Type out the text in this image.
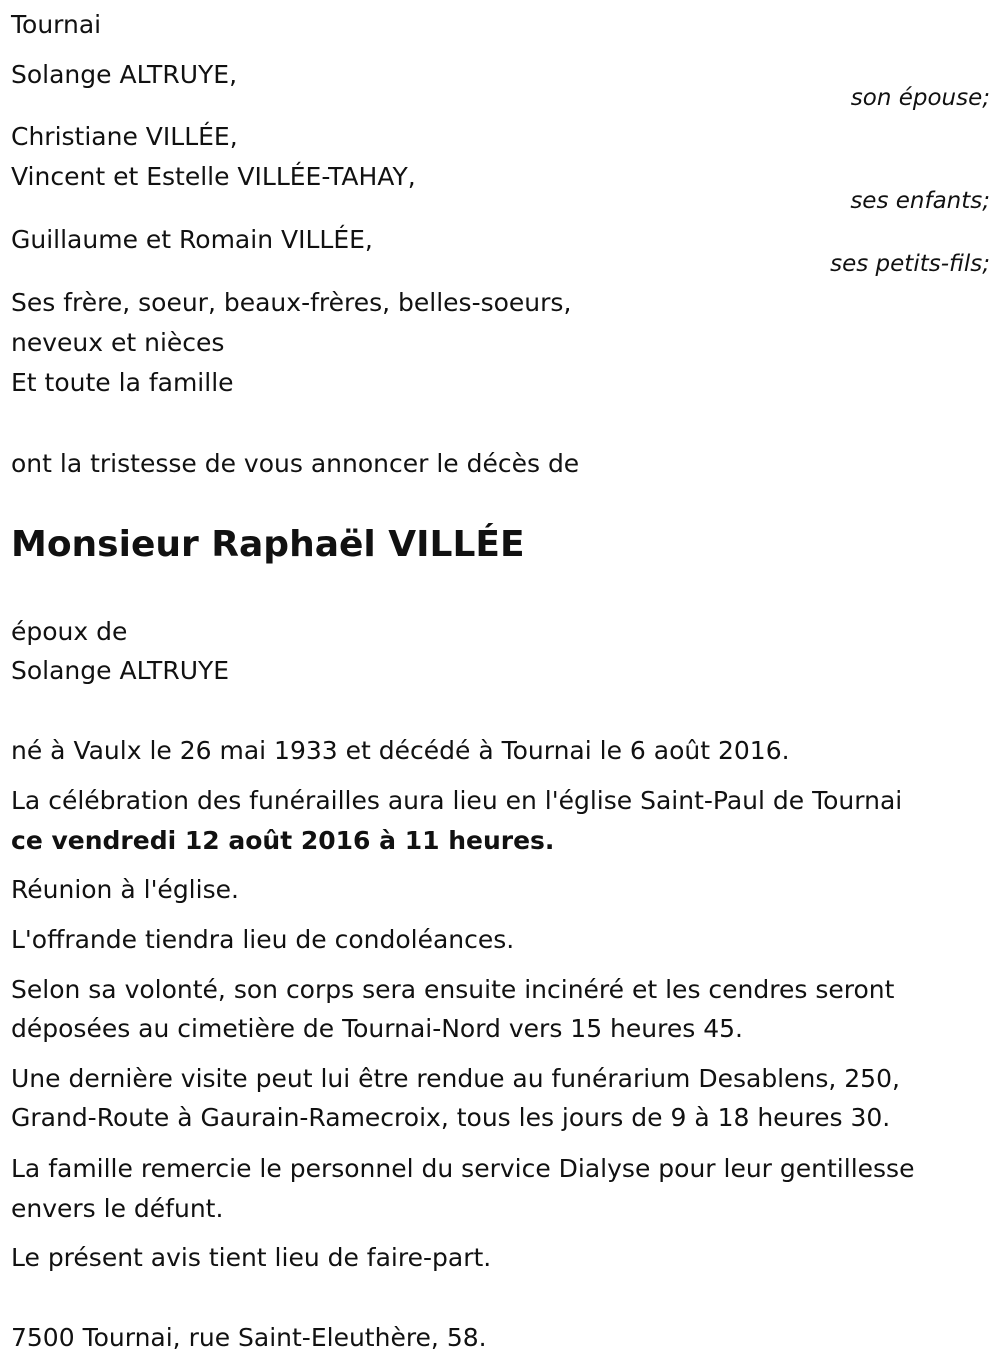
Tournai
Solange ALTRUYE,
son épouse;
Christiane VILLÉE,
Vincent et Estelle VILLÉE-TAHAY,
ses enfants;
Guillaume et Romain VILLÉE,
ses petits-fils;
Ses frère, soeur, beaux-frères, belles-soeurs,
neveux et nièces
Et toute la famille
ont la tristesse de vous annoncer le décès de
Monsieur Raphaël VILLÉE
époux de
Solange ALTRUYE
né à Vaulx le 26 mai 1933 et décédé à Tournai le 6 août 2016.
La célébration des funérailles aura lieu en l'église Saint-Paul de Tournai
ce vendredi 12 août 2016 à 11 heures.
Réunion à l'église.
L'offrande tiendra lieu de condoléances.
Selon sa volonté, son corps sera ensuite incinéré et les cendres seront
déposées au cimetière de Tournai-Nord vers 15 heures 45.
Une dernière visite peut lui être rendue au funérarium Desablens, 250,
Grand-Route à Gaurain-Ramecroix, tous les jours de 9 à 18 heures 30.
La famille remercie le personnel du service Dialyse pour leur gentillesse
envers le défunt.
Le présent avis tient lieu de faire-part.
7500 Tournai, rue Saint-Eleuthère, 58.
